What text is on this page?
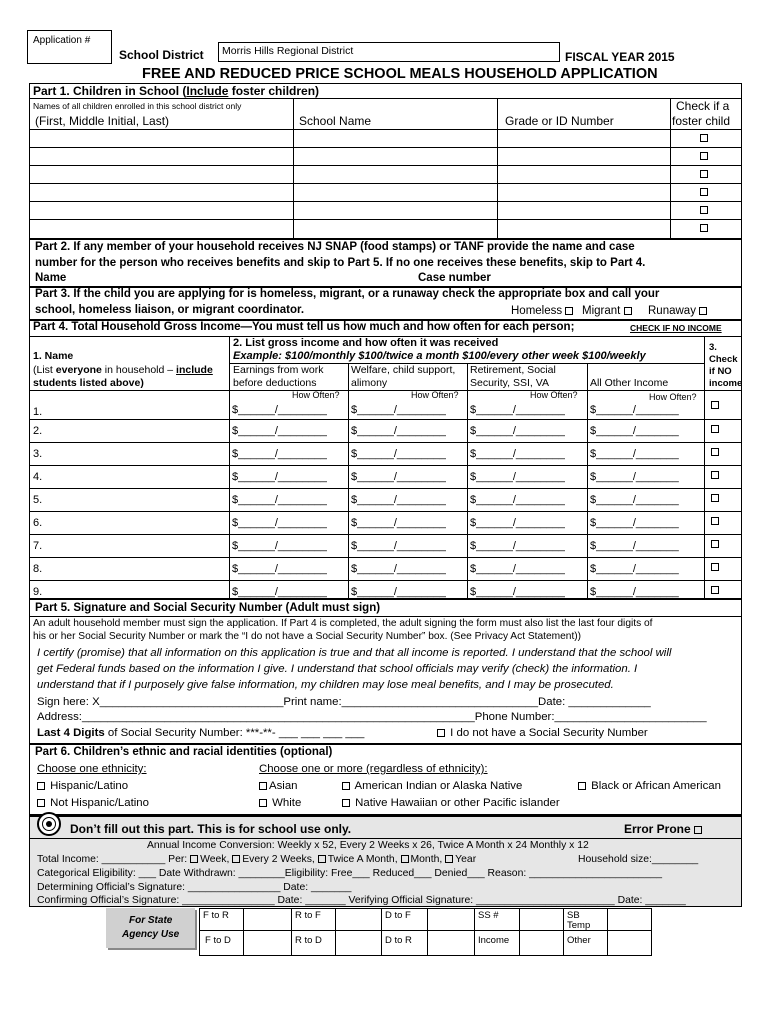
Application #
School District Morris Hills Regional District	FISCAL YEAR 2015
FREE AND REDUCED PRICE SCHOOL MEALS HOUSEHOLD APPLICATION
Part 1. Children in School (Include foster children)
Names of all children enrolled in this school district only
(First, Middle Initial, Last)	School Name	Grade or ID Number
Check if a
foster child
Part 2. If any member of your household receives NJ SNAP (food stamps) or TANF provide the name and case
number for the person who receives benefits and skip to Part 5. If no one receives these benefits, skip to Part 4.
Name	Case number
Part 3. If the child you are applying for is homeless, migrant, or a runaway check the appropriate box and call your
school, homeless liaison, or migrant coordinator.	Homeless	Migrant	Runaway
Part 4. Total Household Gross Income—You must tell us how much and how often for each person;	CHECK IF NO INCOME
2. List gross income and how often it was received
Example: $100/monthly $100/twice a month $100/every other week $100/weekly
1. Name
(List everyone in household – include
students listed above)
Earnings from work
before deductions
Welfare, child support,
alimony
Retirement, Social
Security, SSI, VA	All Other Income
3.
Check
if NO
income
How Often?	How Often?	How Often?	How Often?
1.	$______/________ $______/________ $______/________ $______/_______
2.	$______/________ $______/________ $______/________ $______/_______
3.	$______/________ $______/________ $______/________ $______/_______
4.	$______/________ $______/________ $______/________ $______/_______
5.	$______/________ $______/________ $______/________ $______/_______
6.	$______/________ $______/________ $______/________ $______/_______
7.	$______/________ $______/________ $______/________ $______/_______
8.	$______/________ $______/________ $______/________ $______/_______
9.	$______/________ $______/________ $______/________ $______/_______
Part 5. Signature and Social Security Number (Adult must sign)
An adult household member must sign the application. If Part 4 is completed, the adult signing the form must also list the last four digits of
his or her Social Security Number or mark the “I do not have a Social Security Number” box. (See Privacy Act Statement))
I certify (promise) that all information on this application is true and that all income is reported. I understand that the school will
get Federal funds based on the information I give. I understand that school officials may verify (check) the information. I
understand that if I purposely give false information, my children may lose meal benefits, and I may be prosecuted.
Sign here: X_____________________________Print name:_______________________________Date: _____________
Address:______________________________________________________________Phone Number:________________________
Last 4 Digits of Social Security Number: ***-**- ___ ___ ___ ___	I do not have a Social Security Number
Part 6. Children’s ethnic and racial identities (optional)
Choose one ethnicity:	Choose one or more (regardless of ethnicity):
Hispanic/Latino
Not Hispanic/Latino
Asian
White
American Indian or Alaska Native
Native Hawaiian or other Pacific islander
Black or African American
Don’t fill out this part. This is for school use only.	Error Prone
Annual Income Conversion: Weekly x 52, Every 2 Weeks x 26, Twice A Month x 24 Monthly x 12
Total Income: ___________ Per: Week, Every 2 Weeks, Twice A Month, Month, Year	Household size:________
Categorical Eligibility: ___ Date Withdrawn: ________Eligibility: Free___ Reduced___ Denied___ Reason: _______________________
Determining Official’s Signature: ________________ Date: _______
Confirming Official’s Signature: ________________ Date: _______ Verifying Official Signature: ________________________ Date: _______
For State
Agency Use
F to R	R to F	D to F	SS #	SB
Temp
F to D	R to D	D to R	Income	Other
